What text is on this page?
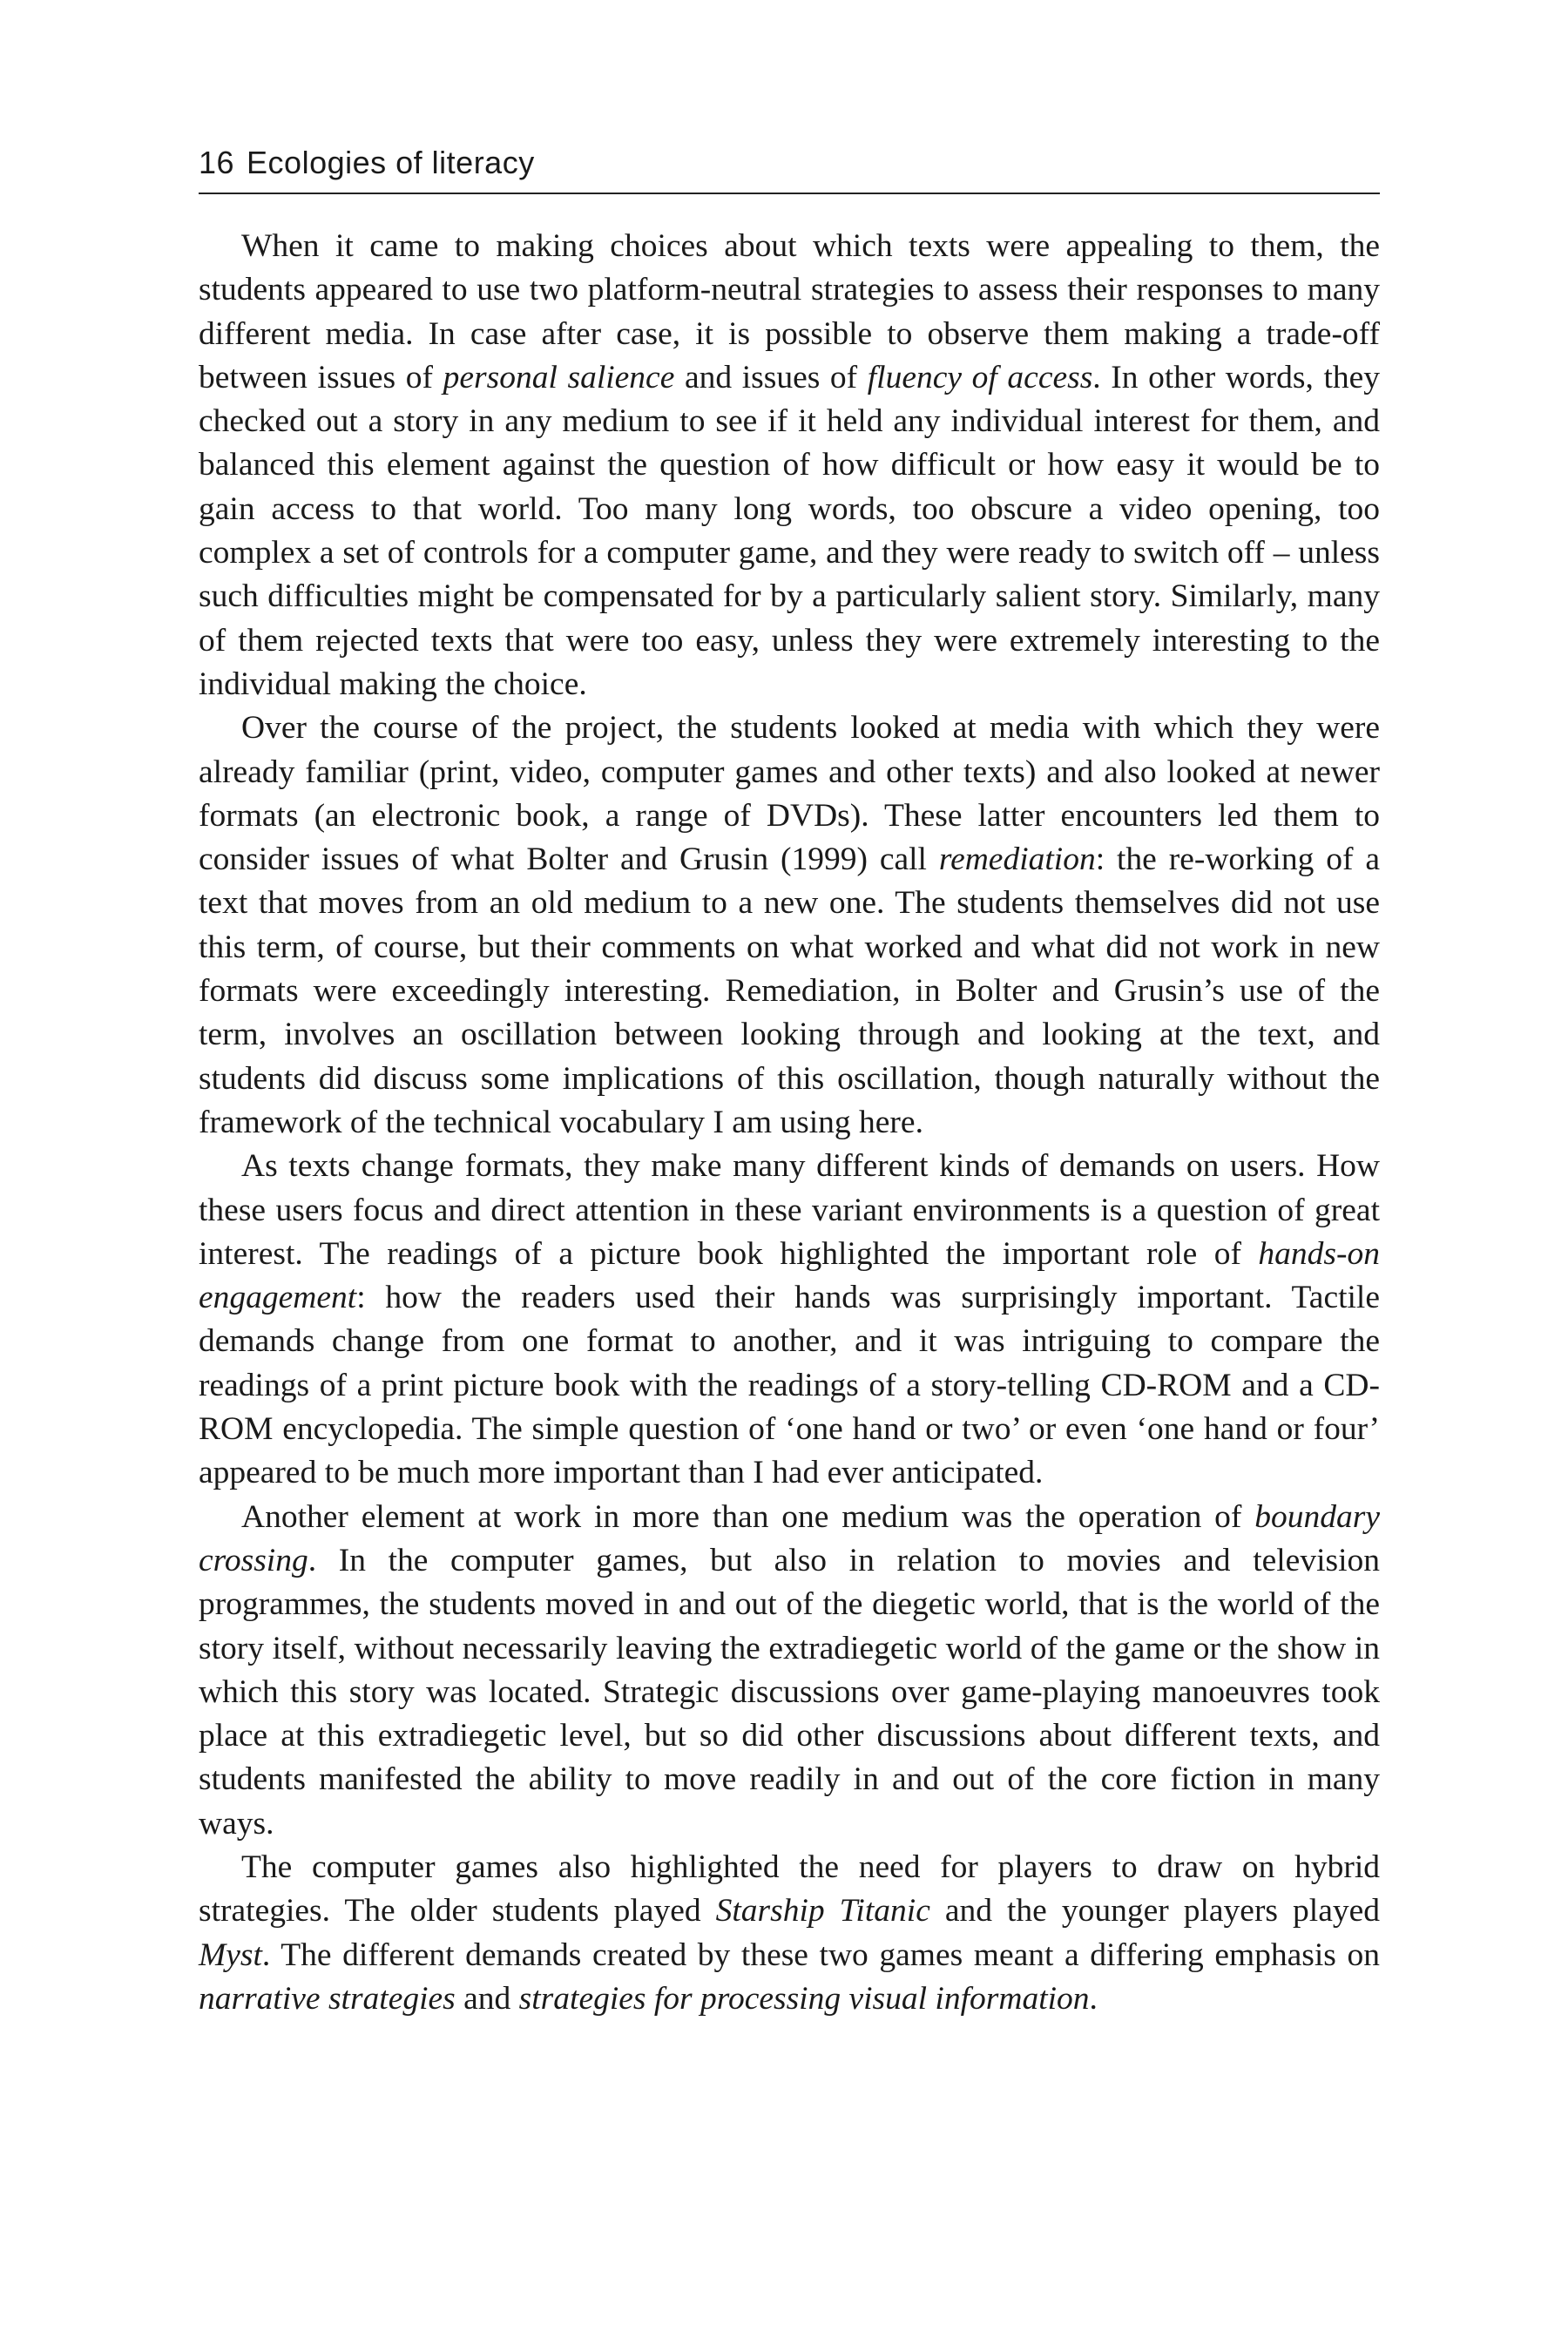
16 Ecologies of literacy

When it came to making choices about which texts were appealing to them, the students appeared to use two platform-neutral strategies to assess their responses to many different media. In case after case, it is possible to observe them making a trade-off between issues of personal salience and issues of fluency of access. In other words, they checked out a story in any medium to see if it held any individual interest for them, and balanced this element against the question of how difficult or how easy it would be to gain access to that world. Too many long words, too obscure a video opening, too complex a set of controls for a computer game, and they were ready to switch off – unless such difficulties might be compensated for by a particularly salient story. Similarly, many of them rejected texts that were too easy, unless they were extremely interesting to the individual making the choice.

Over the course of the project, the students looked at media with which they were already familiar (print, video, computer games and other texts) and also looked at newer formats (an electronic book, a range of DVDs). These latter encounters led them to consider issues of what Bolter and Grusin (1999) call remediation: the re-working of a text that moves from an old medium to a new one. The students themselves did not use this term, of course, but their comments on what worked and what did not work in new formats were exceedingly interesting. Remediation, in Bolter and Grusin’s use of the term, involves an oscillation between looking through and looking at the text, and students did discuss some implications of this oscillation, though naturally without the framework of the technical vocabulary I am using here.

As texts change formats, they make many different kinds of demands on users. How these users focus and direct attention in these variant environments is a question of great interest. The readings of a picture book highlighted the important role of hands-on engagement: how the readers used their hands was surprisingly important. Tactile demands change from one format to another, and it was intriguing to compare the readings of a print picture book with the readings of a story-telling CD-ROM and a CD-ROM encyclopedia. The simple question of ‘one hand or two’ or even ‘one hand or four’ appeared to be much more important than I had ever anticipated.

Another element at work in more than one medium was the operation of boundary crossing. In the computer games, but also in relation to movies and television programmes, the students moved in and out of the diegetic world, that is the world of the story itself, without necessarily leaving the extradiegetic world of the game or the show in which this story was located. Strategic discussions over game-playing manoeuvres took place at this extradiegetic level, but so did other discussions about different texts, and students manifested the ability to move readily in and out of the core fiction in many ways.

The computer games also highlighted the need for players to draw on hybrid strategies. The older students played Starship Titanic and the younger players played Myst. The different demands created by these two games meant a differing emphasis on narrative strategies and strategies for processing visual information.
